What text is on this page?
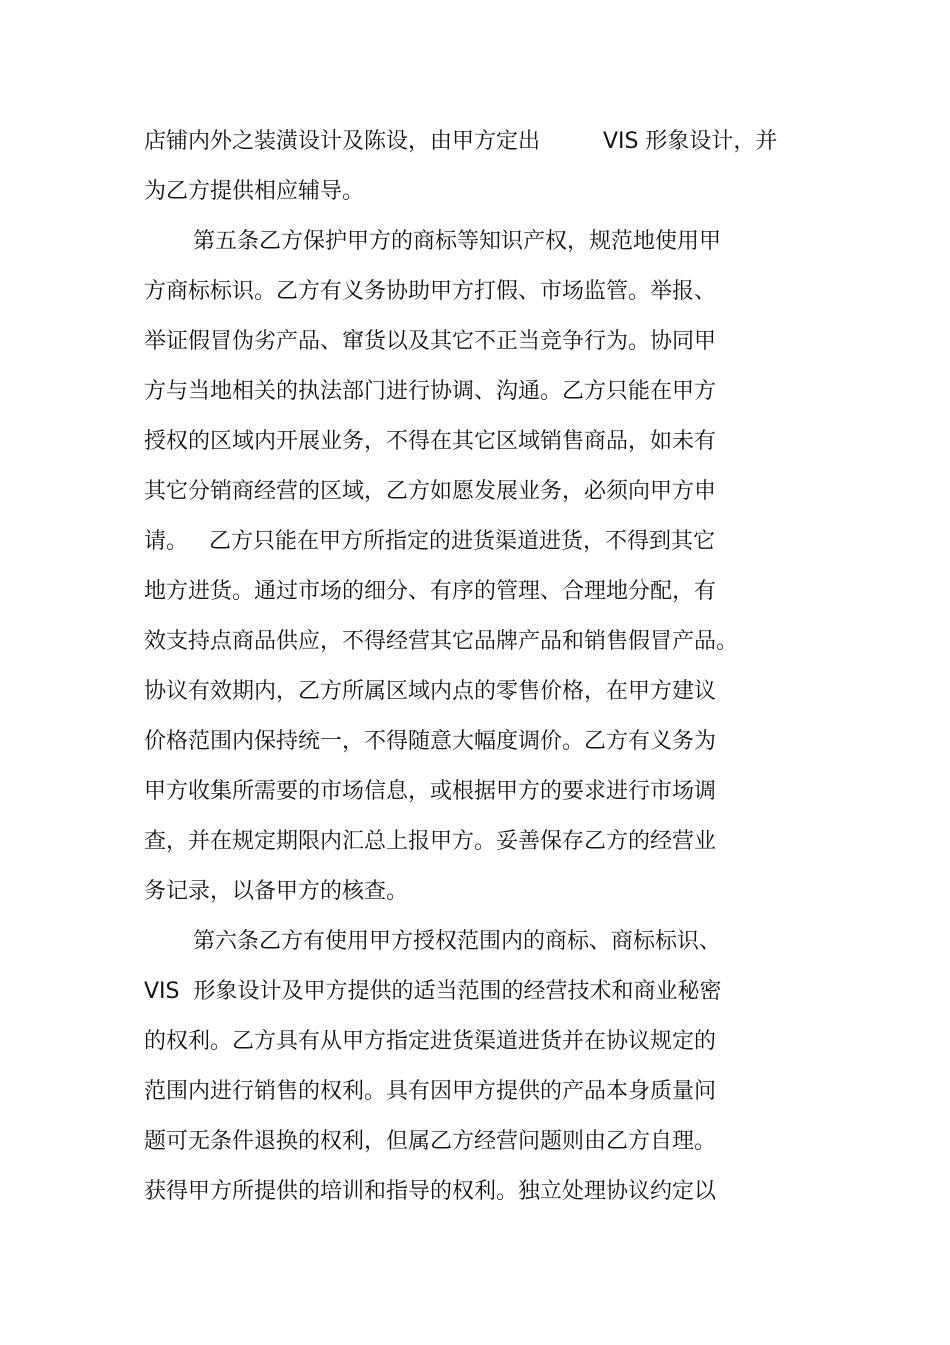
店铺内外之装潢设计及陈设，由甲方定出         VIS 形象设计，并
为乙方提供相应辅导。
第五条乙方保护甲方的商标等知识产权，规范地使用甲
方商标标识。乙方有义务协助甲方打假、市场监管。举报、
举证假冒伪劣产品、窜货以及其它不正当竞争行为。协同甲
方与当地相关的执法部门进行协调、沟通。乙方只能在甲方
授权的区域内开展业务，不得在其它区域销售商品，如未有
其它分销商经营的区域，乙方如愿发展业务，必须向甲方申
请。   乙方只能在甲方所指定的进货渠道进货，不得到其它
地方进货。通过市场的细分、有序的管理、合理地分配，有
效支持点商品供应，不得经营其它品牌产品和销售假冒产品。
协议有效期内，乙方所属区域内点的零售价格，在甲方建议
价格范围内保持统一，不得随意大幅度调价。乙方有义务为
甲方收集所需要的市场信息，或根据甲方的要求进行市场调
查，并在规定期限内汇总上报甲方。妥善保存乙方的经营业
务记录，以备甲方的核查。
第六条乙方有使用甲方授权范围内的商标、商标标识、
VIS  形象设计及甲方提供的适当范围的经营技术和商业秘密
的权利。乙方具有从甲方指定进货渠道进货并在协议规定的
范围内进行销售的权利。具有因甲方提供的产品本身质量问
题可无条件退换的权利，但属乙方经营问题则由乙方自理。
获得甲方所提供的培训和指导的权利。独立处理协议约定以
